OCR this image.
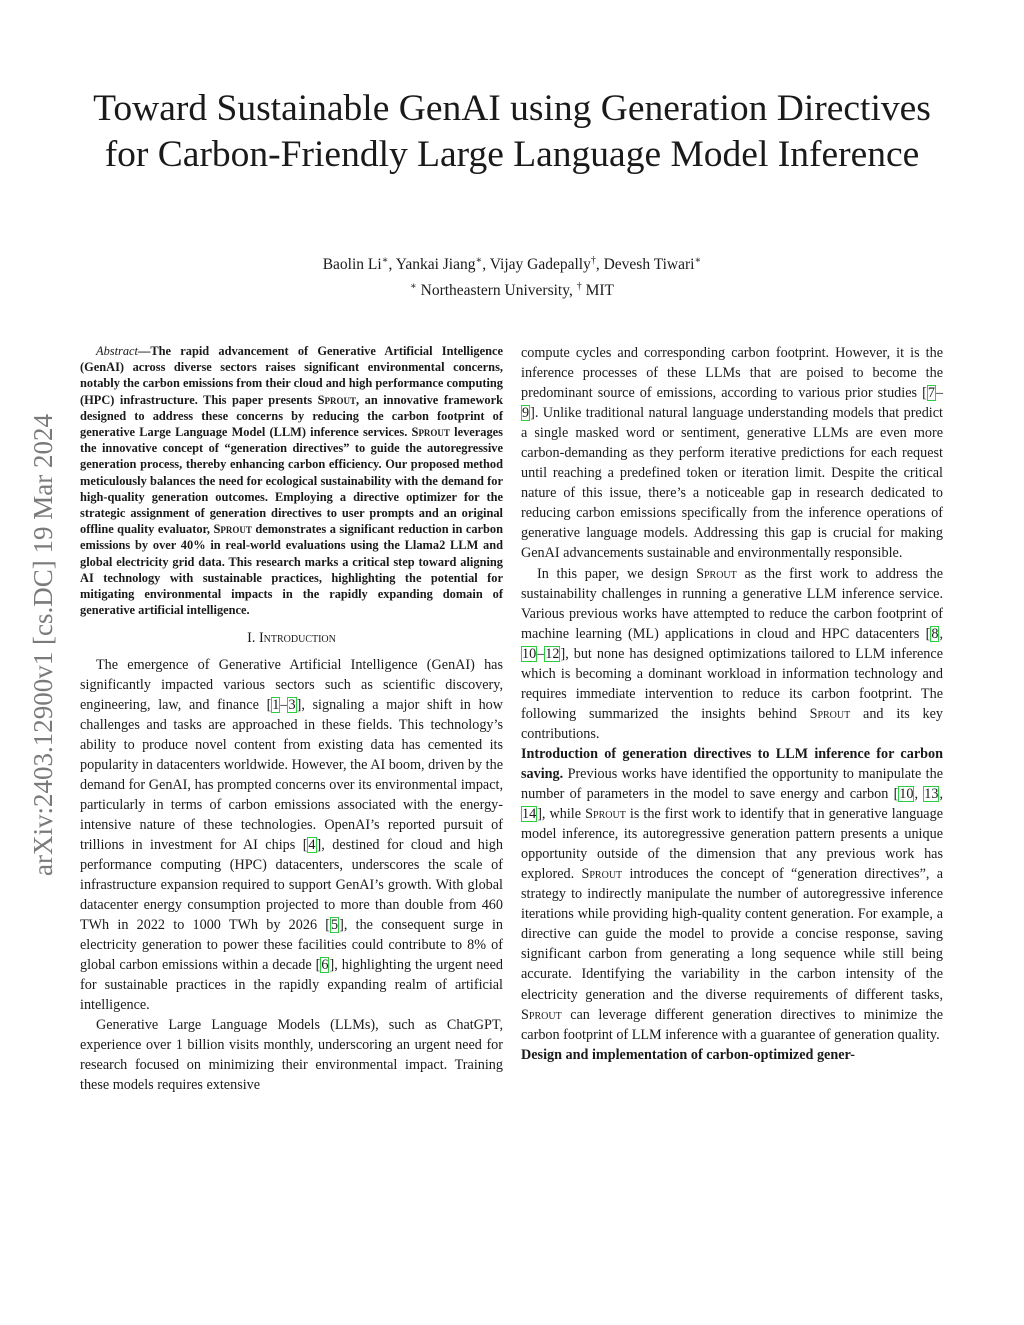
Toward Sustainable GenAI using Generation Directives for Carbon-Friendly Large Language Model Inference
Baolin Li∗, Yankai Jiang∗, Vijay Gadepally†, Devesh Tiwari∗
∗ Northeastern University, † MIT
arXiv:2403.12900v1 [cs.DC] 19 Mar 2024

Abstract—The rapid advancement of Generative Artificial Intelligence (GenAI) across diverse sectors raises significant environmental concerns, notably the carbon emissions from their cloud and high performance computing (HPC) infrastructure. This paper presents Sprout, an innovative framework designed to address these concerns by reducing the carbon footprint of generative Large Language Model (LLM) inference services. Sprout leverages the innovative concept of “generation directives” to guide the autoregressive generation process, thereby enhancing carbon efficiency. Our proposed method meticulously balances the need for ecological sustainability with the demand for high-quality generation outcomes. Employing a directive optimizer for the strategic assignment of generation directives to user prompts and an original offline quality evaluator, Sprout demonstrates a significant reduction in carbon emissions by over 40% in real-world evaluations using the Llama2 LLM and global electricity grid data. This research marks a critical step toward aligning AI technology with sustainable practices, highlighting the potential for mitigating environmental impacts in the rapidly expanding domain of generative artificial intelligence.

I. Introduction

The emergence of Generative Artificial Intelligence (GenAI) has significantly impacted various sectors such as scientific discovery, engineering, law, and finance [1–3], signaling a major shift in how challenges and tasks are approached in these fields. This technology’s ability to produce novel content from existing data has cemented its popularity in datacenters worldwide. However, the AI boom, driven by the demand for GenAI, has prompted concerns over its environmental impact, particularly in terms of carbon emissions associated with the energy-intensive nature of these technologies. OpenAI’s reported pursuit of trillions in investment for AI chips [4], destined for cloud and high performance computing (HPC) datacenters, underscores the scale of infrastructure expansion required to support GenAI’s growth. With global datacenter energy consumption projected to more than double from 460 TWh in 2022 to 1000 TWh by 2026 [5], the consequent surge in electricity generation to power these facilities could contribute to 8% of global carbon emissions within a decade [6], highlighting the urgent need for sustainable practices in the rapidly expanding realm of artificial intelligence.

Generative Large Language Models (LLMs), such as ChatGPT, experience over 1 billion visits monthly, underscoring an urgent need for research focused on minimizing their environmental impact. Training these models requires extensive

compute cycles and corresponding carbon footprint. However, it is the inference processes of these LLMs that are poised to become the predominant source of emissions, according to various prior studies [7–9]. Unlike traditional natural language understanding models that predict a single masked word or sentiment, generative LLMs are even more carbon-demanding as they perform iterative predictions for each request until reaching a predefined token or iteration limit. Despite the critical nature of this issue, there’s a noticeable gap in research dedicated to reducing carbon emissions specifically from the inference operations of generative language models. Addressing this gap is crucial for making GenAI advancements sustainable and environmentally responsible.

In this paper, we design Sprout as the first work to address the sustainability challenges in running a generative LLM inference service. Various previous works have attempted to reduce the carbon footprint of machine learning (ML) applications in cloud and HPC datacenters [8, 10–12], but none has designed optimizations tailored to LLM inference which is becoming a dominant workload in information technology and requires immediate intervention to reduce its carbon footprint. The following summarized the insights behind Sprout and its key contributions.

Introduction of generation directives to LLM inference for carbon saving. Previous works have identified the opportunity to manipulate the number of parameters in the model to save energy and carbon [10, 13, 14], while Sprout is the first work to identify that in generative language model inference, its autoregressive generation pattern presents a unique opportunity outside of the dimension that any previous work has explored. Sprout introduces the concept of “generation directives”, a strategy to indirectly manipulate the number of autoregressive inference iterations while providing high-quality content generation. For example, a directive can guide the model to provide a concise response, saving significant carbon from generating a long sequence while still being accurate. Identifying the variability in the carbon intensity of the electricity generation and the diverse requirements of different tasks, Sprout can leverage different generation directives to minimize the carbon footprint of LLM inference with a guarantee of generation quality.

Design and implementation of carbon-optimized gener-
